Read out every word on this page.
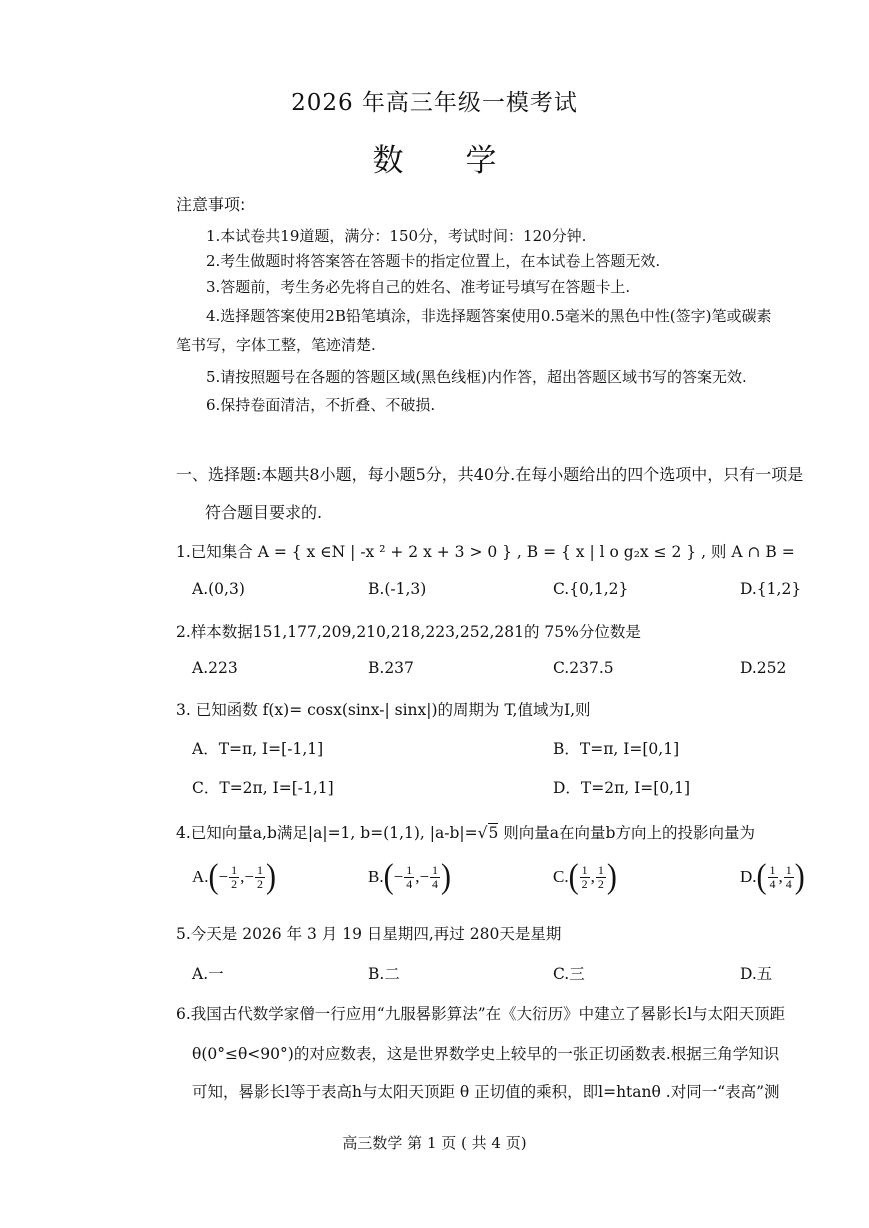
2026 年高三年级一模考试
数学
注意事项:
1.本试卷共19道题，满分：150分，考试时间：120分钟.
2.考生做题时将答案答在答题卡的指定位置上，在本试卷上答题无效.
3.答题前，考生务必先将自己的姓名、准考证号填写在答题卡上.
4.选择题答案使用2B铅笔填涂，非选择题答案使用0.5毫米的黑色中性(签字)笔或碳素
笔书写，字体工整，笔迹清楚.
5.请按照题号在各题的答题区域(黑色线框)内作答，超出答题区域书写的答案无效.
6.保持卷面清洁，不折叠、不破损.
一、选择题:本题共8小题，每小题5分，共40分.在每小题给出的四个选项中，只有一项是
符合题目要求的.
1.已知集合 A = { x ∈N | -x ² + 2 x + 3 > 0 } , B = { x | l o g₂x ≤ 2 } , 则 A ∩ B =
A.(0,3)	B.(-1,3)	C.{0,1,2}	D.{1,2}
2.样本数据151,177,209,210,218,223,252,281的 75%分位数是
A.223	B.237	C.237.5	D.252
3. 已知函数 f(x)= cosx(sinx-| sinx|)的周期为 T,值域为I,则
A．T=π, I=[-1,1]	B．T=π, I=[0,1]
C．T=2π, I=[-1,1]	D．T=2π, I=[0,1]
4.已知向量a,b满足|a|=1, b=(1,1), |a-b|=√5 则向量a在向量b方向上的投影向量为
A. ( − $\frac{1}{2}$ , − $\frac{1}{2}$ )	B. ( − $\frac{1}{4}$ , − $\frac{1}{4}$ )	C. ( $\frac{1}{2}$ , $\frac{1}{2}$ )	D. ( $\frac{1}{4}$ , $\frac{1}{4}$ )
5.今天是 2026 年 3 月 19 日星期四,再过 280天是星期
A.一	B.二	C.三	D.五
6.我国古代数学家僧一行应用“九服晷影算法”在《大衍历》中建立了晷影长l与太阳天顶距
θ(0°≤θ<90°)的对应数表，这是世界数学史上较早的一张正切函数表.根据三角学知识
可知，晷影长l等于表高h与太阳天顶距 θ 正切值的乘积，即l=htanθ .对同一“表高”测
高三数学 第 1 页 ( 共 4 页)
